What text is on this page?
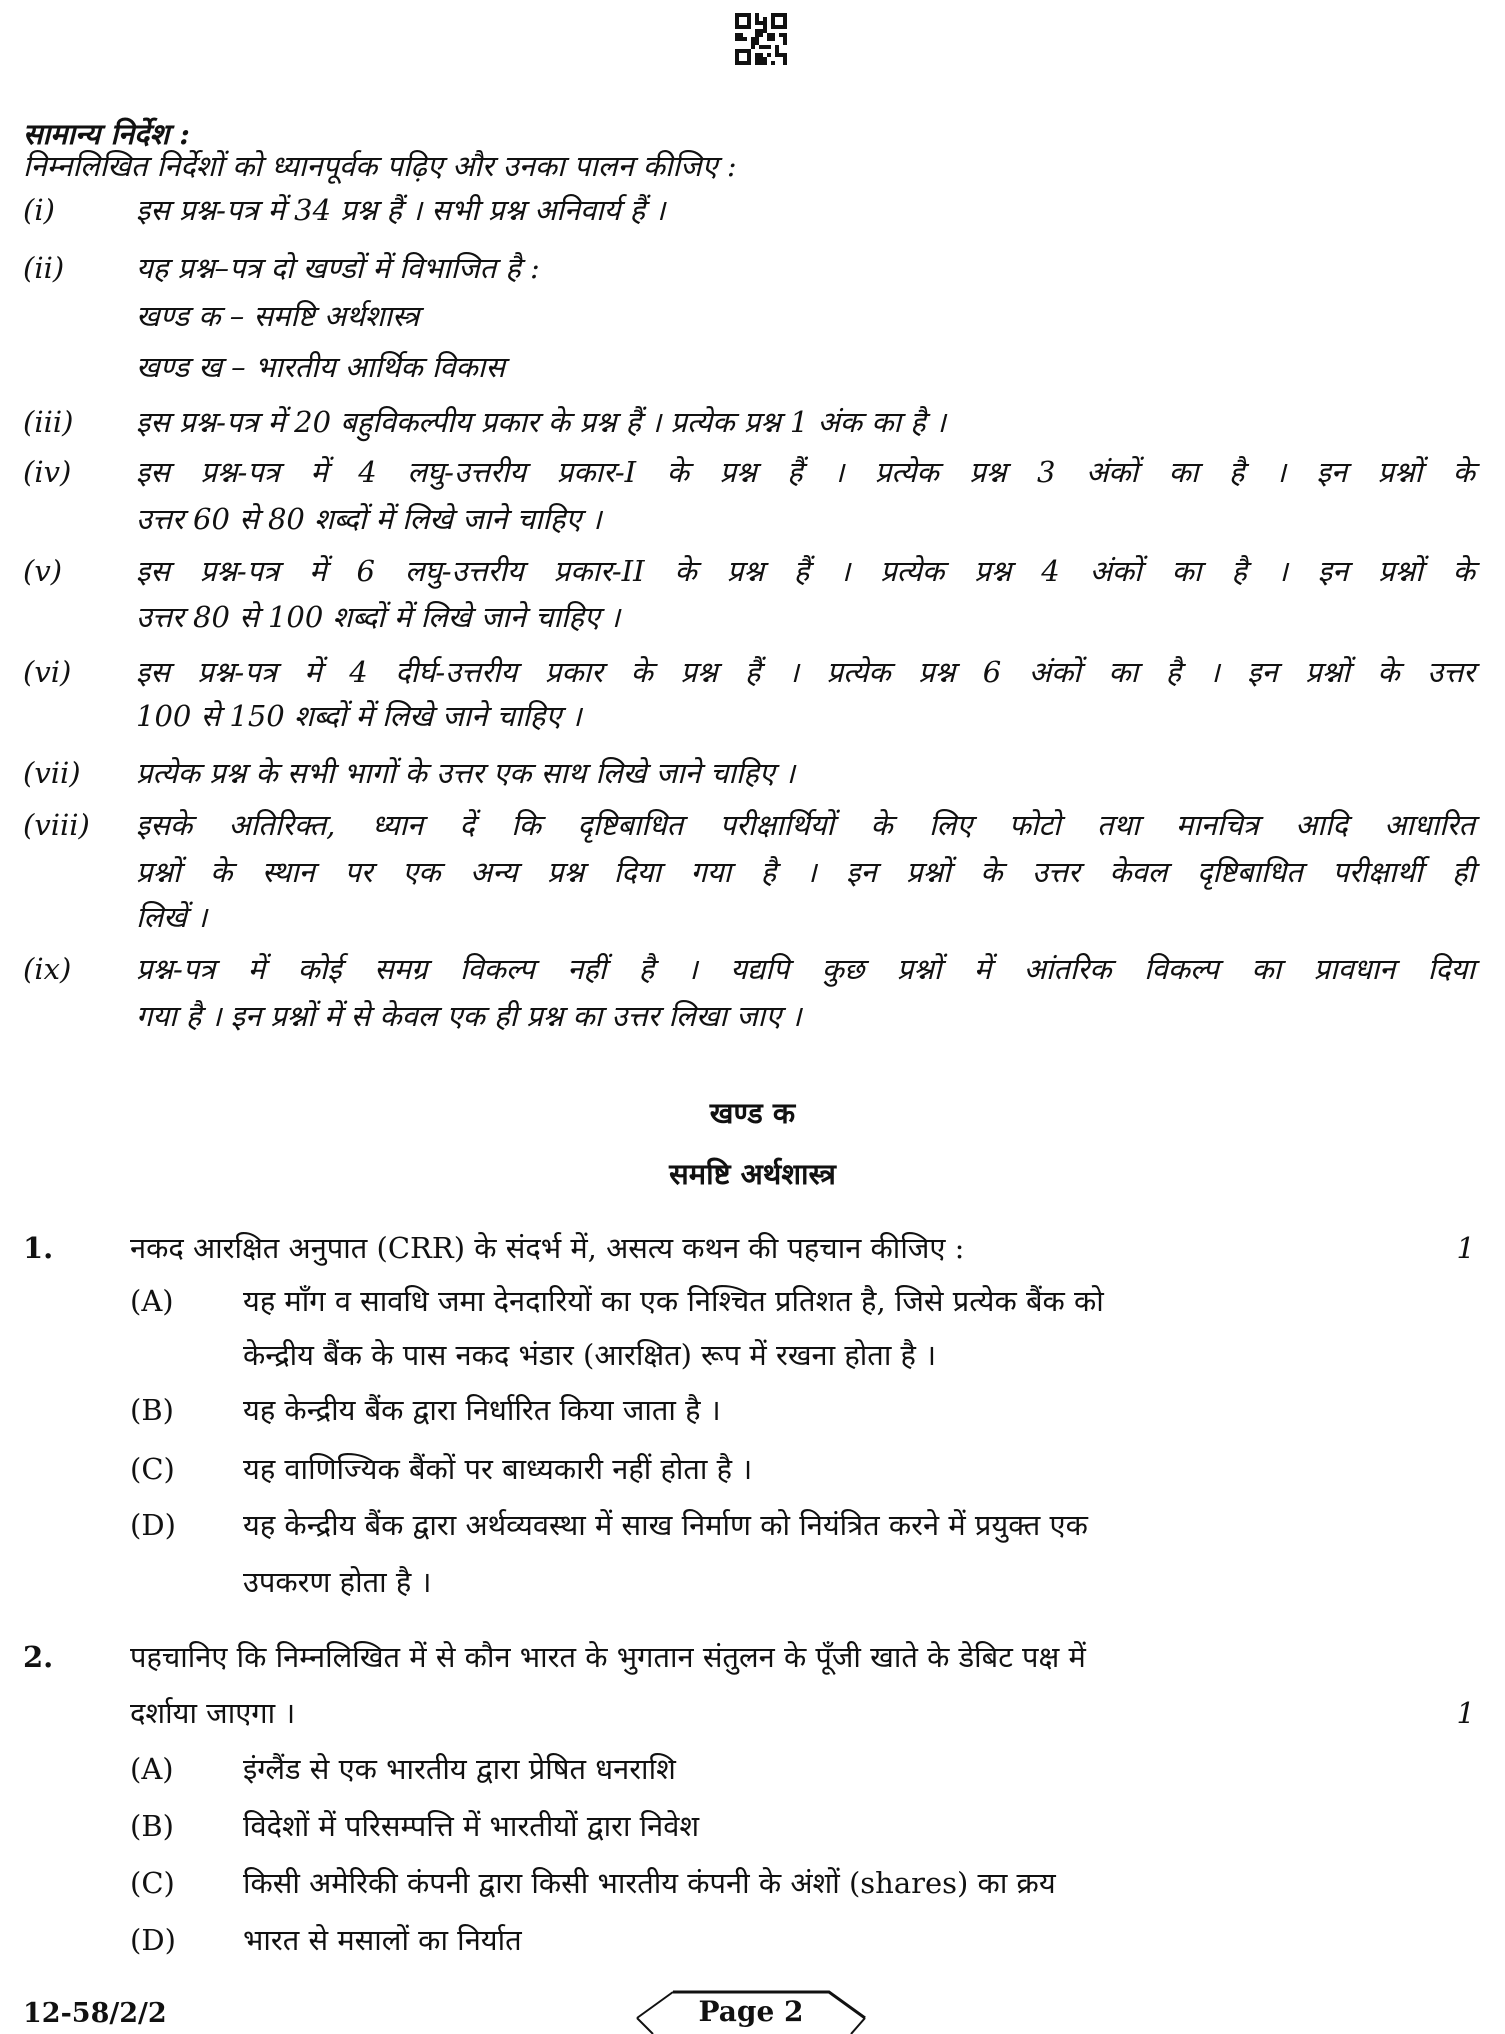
सामान्य निर्देश :
निम्नलिखित निर्देशों को ध्यानपूर्वक पढ़िए और उनका पालन कीजिए :
(i)	इस प्रश्न-पत्र में 34 प्रश्न हैं । सभी प्रश्न अनिवार्य हैं ।
(ii) यह प्रश्न–पत्र दो खण्डों में विभाजित है :
खण्ड क – समष्टि अर्थशास्त्र
खण्ड ख – भारतीय आर्थिक विकास
(iii) इस प्रश्न-पत्र में 20 बहुविकल्पीय प्रकार के प्रश्न हैं । प्रत्येक प्रश्न 1 अंक का है ।
(iv) इस प्रश्न-पत्र में 4 लघु-उत्तरीय प्रकार-I के प्रश्न हैं । प्रत्येक प्रश्न 3 अंकों का है । इन प्रश्नों के
उत्तर 60 से 80 शब्दों में लिखे जाने चाहिए ।
(v)	इस प्रश्न-पत्र में 6 लघु-उत्तरीय प्रकार-II के प्रश्न हैं । प्रत्येक प्रश्न 4 अंकों का है । इन प्रश्नों के
उत्तर 80 से 100 शब्दों में लिखे जाने चाहिए ।
(vi) इस प्रश्न-पत्र में 4 दीर्घ-उत्तरीय प्रकार के प्रश्न हैं । प्रत्येक प्रश्न 6 अंकों का है । इन प्रश्नों के उत्तर
100 से 150 शब्दों में लिखे जाने चाहिए ।
(vii) प्रत्येक प्रश्न के सभी भागों के उत्तर एक साथ लिखे जाने चाहिए ।
(viii) इसके अतिरिक्त, ध्यान दें कि दृष्टिबाधित परीक्षार्थियों के लिए फोटो तथा मानचित्र आदि आधारित
प्रश्नों के स्थान पर एक अन्य प्रश्न दिया गया है । इन प्रश्नों के उत्तर केवल दृष्टिबाधित परीक्षार्थी ही
लिखें ।
(ix) प्रश्न-पत्र में कोई समग्र विकल्प नहीं है । यद्यपि कुछ प्रश्नों में आंतरिक विकल्प का प्रावधान दिया
गया है । इन प्रश्नों में से केवल एक ही प्रश्न का उत्तर लिखा जाए ।
खण्ड क
समष्टि अर्थशास्त्र
1.	नकद आरक्षित अनुपात (CRR) के संदर्भ में, असत्य कथन की पहचान कीजिए :	1
(A) यह माँग व सावधि जमा देनदारियों का एक निश्चित प्रतिशत है, जिसे प्रत्येक बैंक को
केन्द्रीय बैंक के पास नकद भंडार (आरक्षित) रूप में रखना होता है ।
(B) यह केन्द्रीय बैंक द्वारा निर्धारित किया जाता है ।
(C) यह वाणिज्यिक बैंकों पर बाध्यकारी नहीं होता है ।
(D) यह केन्द्रीय बैंक द्वारा अर्थव्यवस्था में साख निर्माण को नियंत्रित करने में प्रयुक्त एक
उपकरण होता है ।
2.	पहचानिए कि निम्नलिखित में से कौन भारत के भुगतान संतुलन के पूँजी खाते के डेबिट पक्ष में
दर्शाया जाएगा ।	1
(A) इंग्लैंड से एक भारतीय द्वारा प्रेषित धनराशि
(B) विदेशों में परिसम्पत्ति में भारतीयों द्वारा निवेश
(C) किसी अमेरिकी कंपनी द्वारा किसी भारतीय कंपनी के अंशों (shares) का क्रय
(D) भारत से मसालों का निर्यात
12-58/2/2	Page 2
